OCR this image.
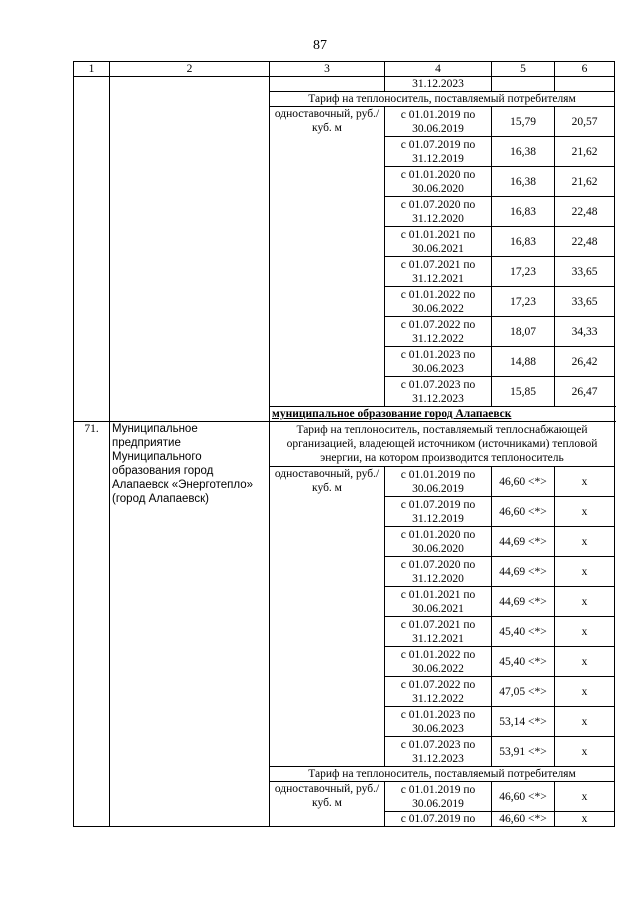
87
1	2	3	4	5	6
			31.12.2023		
		Тариф на теплоноситель, поставляемый потребителям			
		одноставочный, руб./куб. м	с 01.01.2019 по 30.06.2019	15,79	20,57
			с 01.07.2019 по 31.12.2019	16,38	21,62
			с 01.01.2020 по 30.06.2020	16,38	21,62
			с 01.07.2020 по 31.12.2020	16,83	22,48
			с 01.01.2021 по 30.06.2021	16,83	22,48
			с 01.07.2021 по 31.12.2021	17,23	33,65
			с 01.01.2022 по 30.06.2022	17,23	33,65
			с 01.07.2022 по 31.12.2022	18,07	34,33
			с 01.01.2023 по 30.06.2023	14,88	26,42
			с 01.07.2023 по 31.12.2023	15,85	26,47
		муниципальное образование город Алапаевск			
71.	Муниципальное предприятие Муниципального образования город Алапаевск «Энерготепло» (город Алапаевск)	Тариф на теплоноситель, поставляемый теплоснабжающей организацией, владеющей источником (источниками) тепловой энергии, на котором производится теплоноситель			
		одноставочный, руб./куб. м	с 01.01.2019 по 30.06.2019	46,60 <*>	x
			с 01.07.2019 по 31.12.2019	46,60 <*>	x
			с 01.01.2020 по 30.06.2020	44,69 <*>	x
			с 01.07.2020 по 31.12.2020	44,69 <*>	x
			с 01.01.2021 по 30.06.2021	44,69 <*>	x
			с 01.07.2021 по 31.12.2021	45,40 <*>	x
			с 01.01.2022 по 30.06.2022	45,40 <*>	x
			с 01.07.2022 по 31.12.2022	47,05 <*>	x
			с 01.01.2023 по 30.06.2023	53,14 <*>	x
			с 01.07.2023 по 31.12.2023	53,91 <*>	x
		Тариф на теплоноситель, поставляемый потребителям			
		одноставочный, руб./куб. м	с 01.01.2019 по 30.06.2019	46,60 <*>	x
			с 01.07.2019 по	46,60 <*>	x
